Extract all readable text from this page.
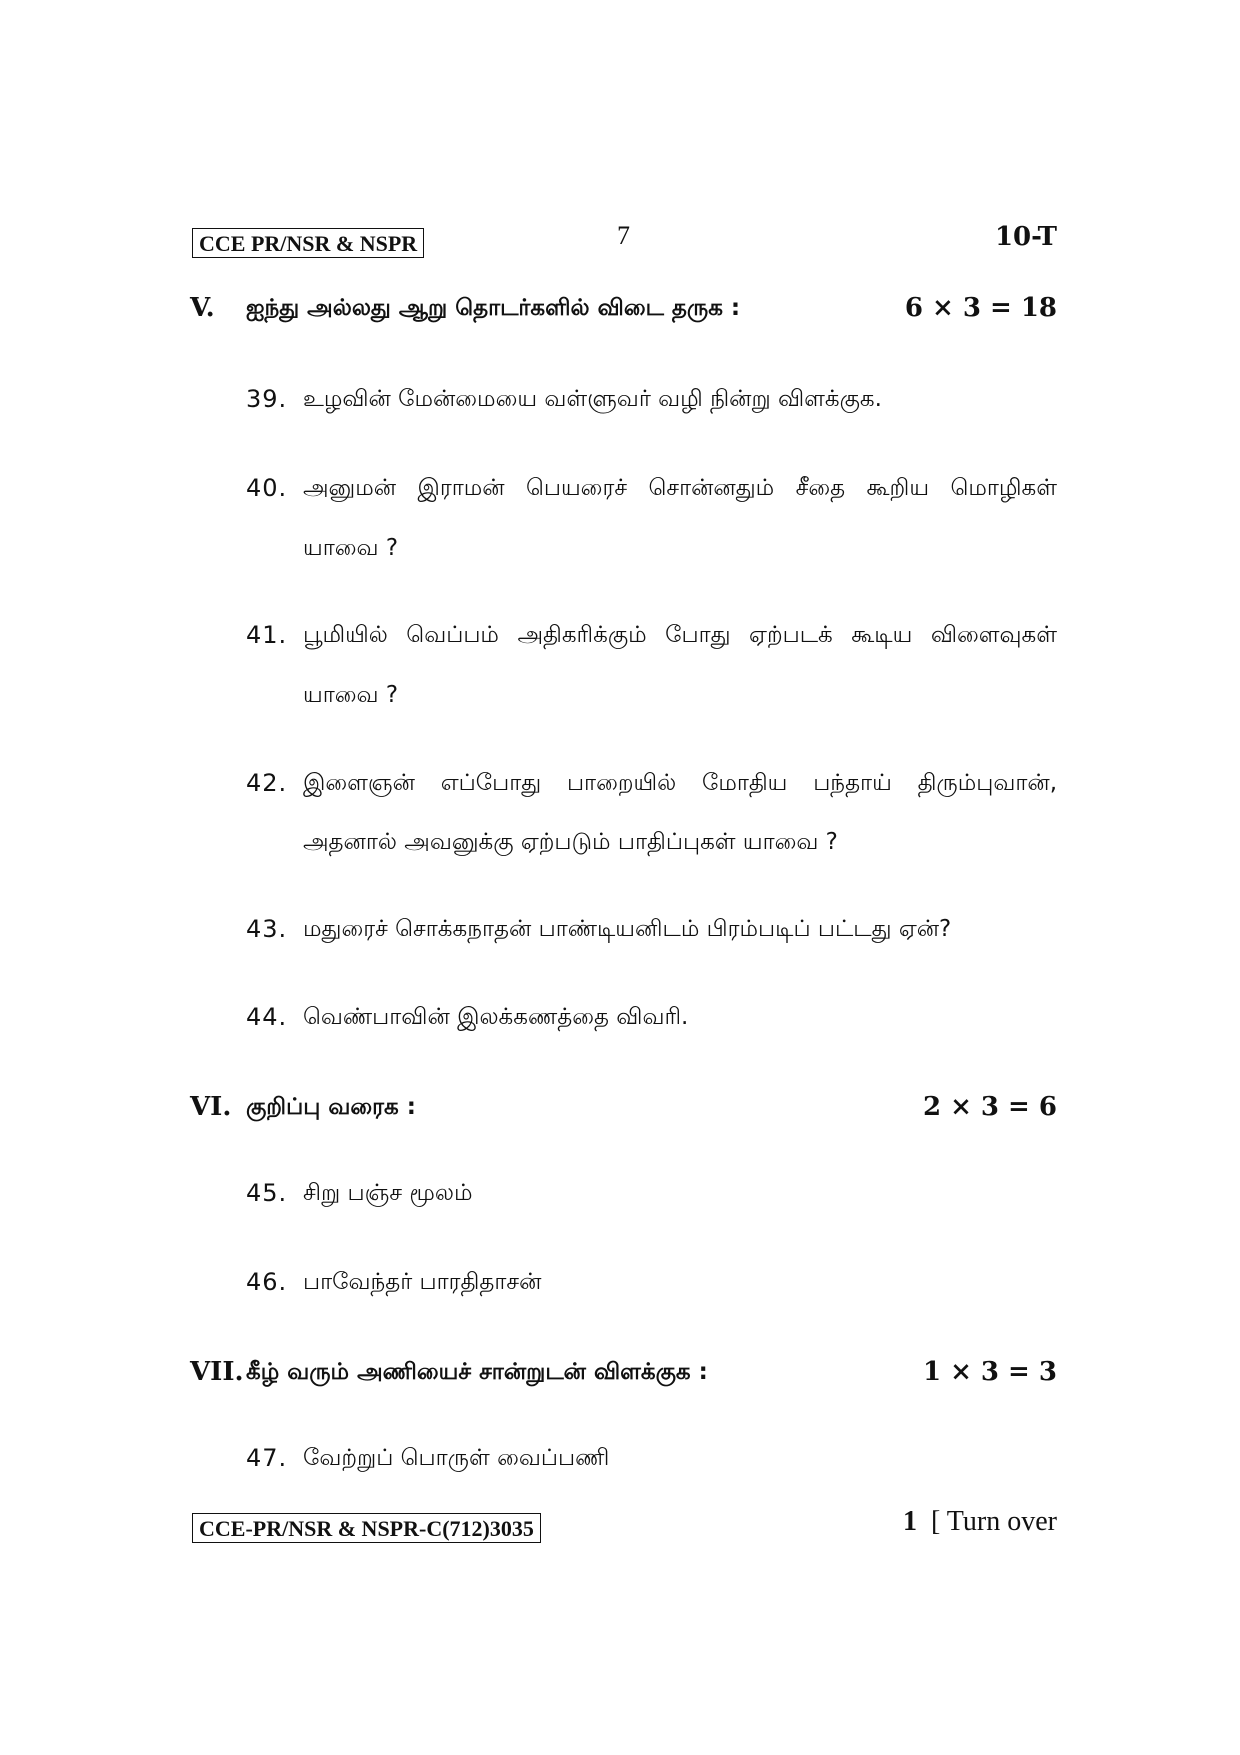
CCE PR/NSR & NSPR	7	10-T
V. ஐந்து அல்லது ஆறு தொடர்களில் விடை தருக :	6 × 3 = 18
39. உழவின் மேன்மையை வள்ளுவர் வழி நின்று விளக்குக.
40. அனுமன் இராமன் பெயரைச் சொன்னதும் சீதை கூறிய மொழிகள்
யாவை ?
41. பூமியில் வெப்பம் அதிகரிக்கும் போது ஏற்படக் கூடிய விளைவுகள்
யாவை ?
42. இளைஞன் எப்போது பாறையில் மோதிய பந்தாய் திரும்புவான்,
அதனால் அவனுக்கு ஏற்படும் பாதிப்புகள் யாவை ?
43. மதுரைச் சொக்கநாதன் பாண்டியனிடம் பிரம்படிப் பட்டது ஏன்?
44. வெண்பாவின் இலக்கணத்தை விவரி.
VI. குறிப்பு வரைக :	2 × 3 = 6
45. சிறு பஞ்ச மூலம்
46. பாவேந்தர் பாரதிதாசன்
VII. கீழ் வரும் அணியைச் சான்றுடன் விளக்குக :	1 × 3 = 3
47. வேற்றுப் பொருள் வைப்பணி
CCE-PR/NSR & NSPR-C(712)3035	1 [ Turn over
